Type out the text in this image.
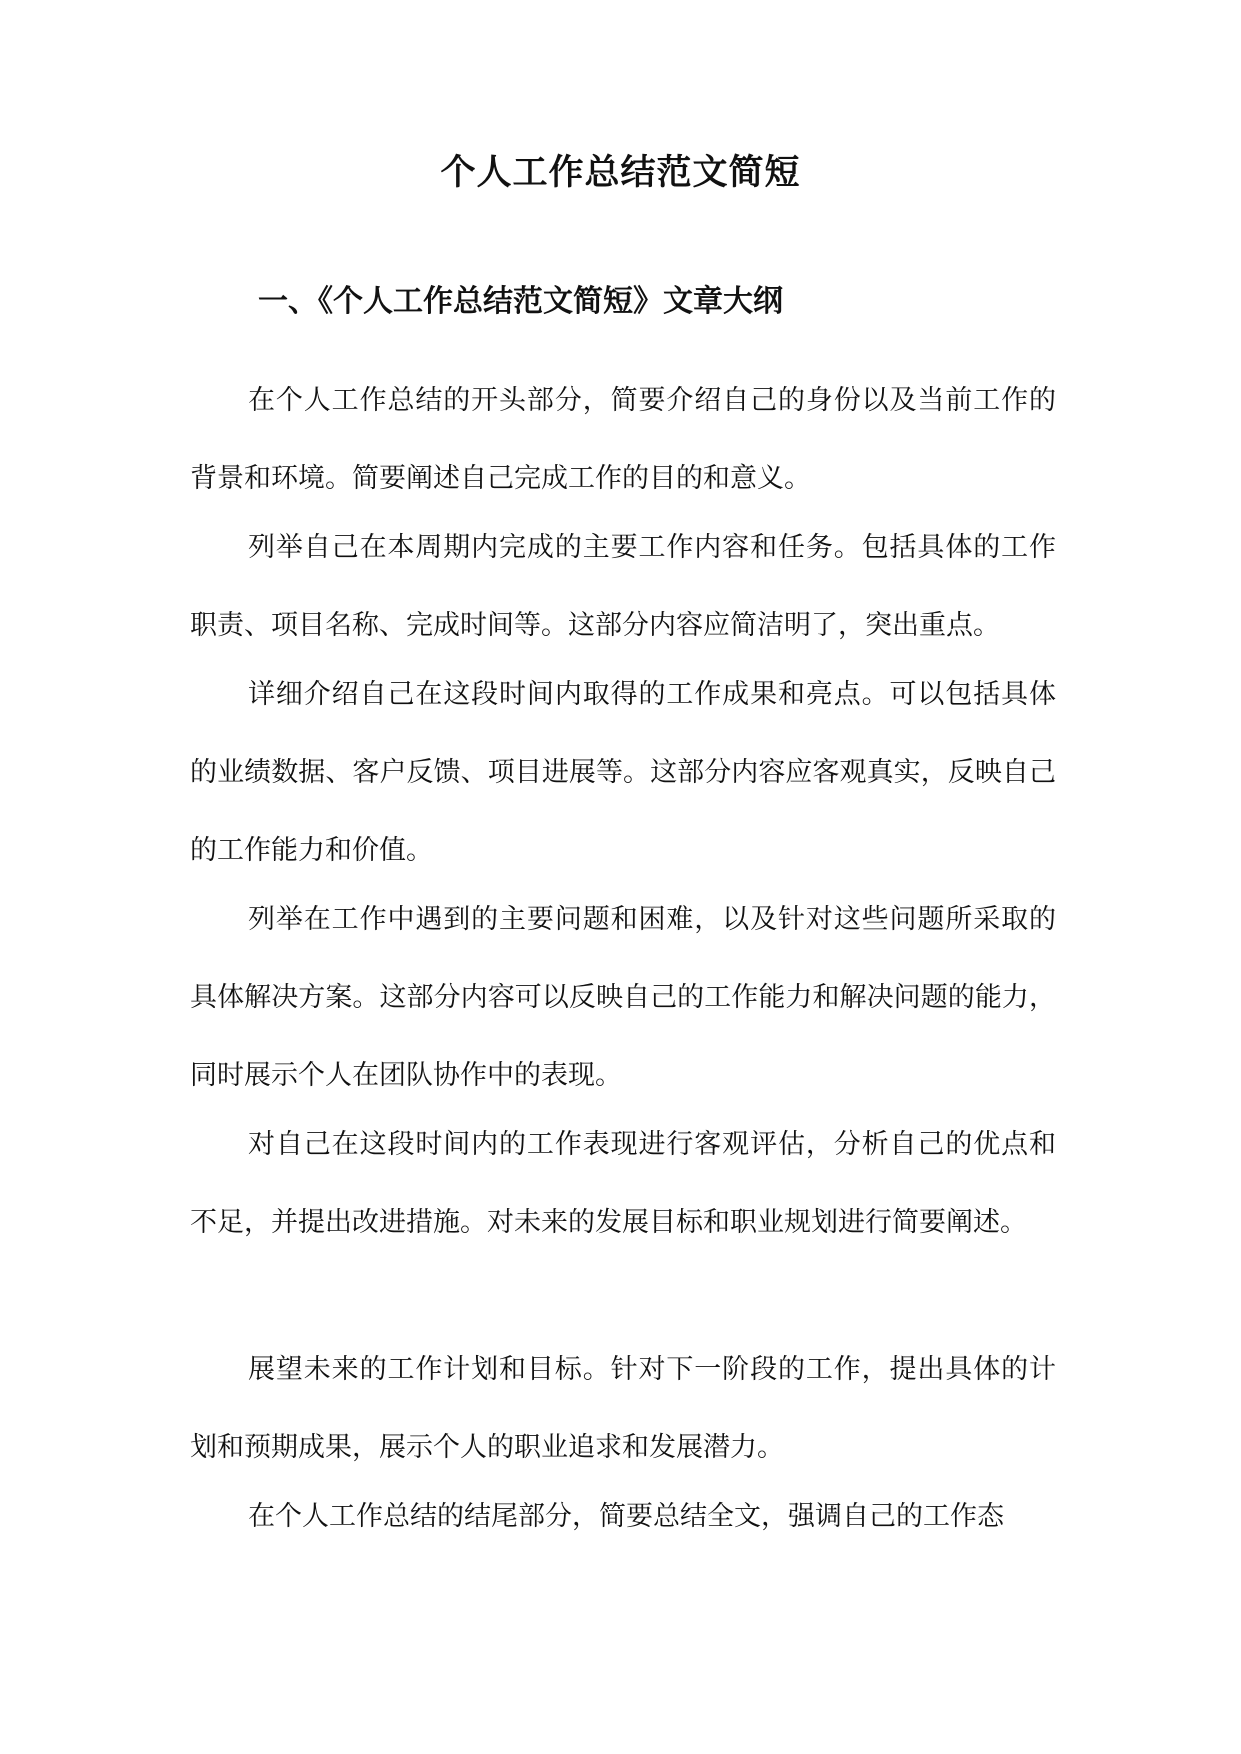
个人工作总结范文简短
一、《个人工作总结范文简短》文章大纲

在个人工作总结的开头部分，简要介绍自己的身份以及当前工作的背景和环境。简要阐述自己完成工作的目的和意义。

列举自己在本周期内完成的主要工作内容和任务。包括具体的工作职责、项目名称、完成时间等。这部分内容应简洁明了，突出重点。

详细介绍自己在这段时间内取得的工作成果和亮点。可以包括具体的业绩数据、客户反馈、项目进展等。这部分内容应客观真实，反映自己的工作能力和价值。

列举在工作中遇到的主要问题和困难，以及针对这些问题所采取的具体解决方案。这部分内容可以反映自己的工作能力和解决问题的能力，同时展示个人在团队协作中的表现。

对自己在这段时间内的工作表现进行客观评估，分析自己的优点和不足，并提出改进措施。对未来的发展目标和职业规划进行简要阐述。

展望未来的工作计划和目标。针对下一阶段的工作，提出具体的计划和预期成果，展示个人的职业追求和发展潜力。

在个人工作总结的结尾部分，简要总结全文，强调自己的工作态
